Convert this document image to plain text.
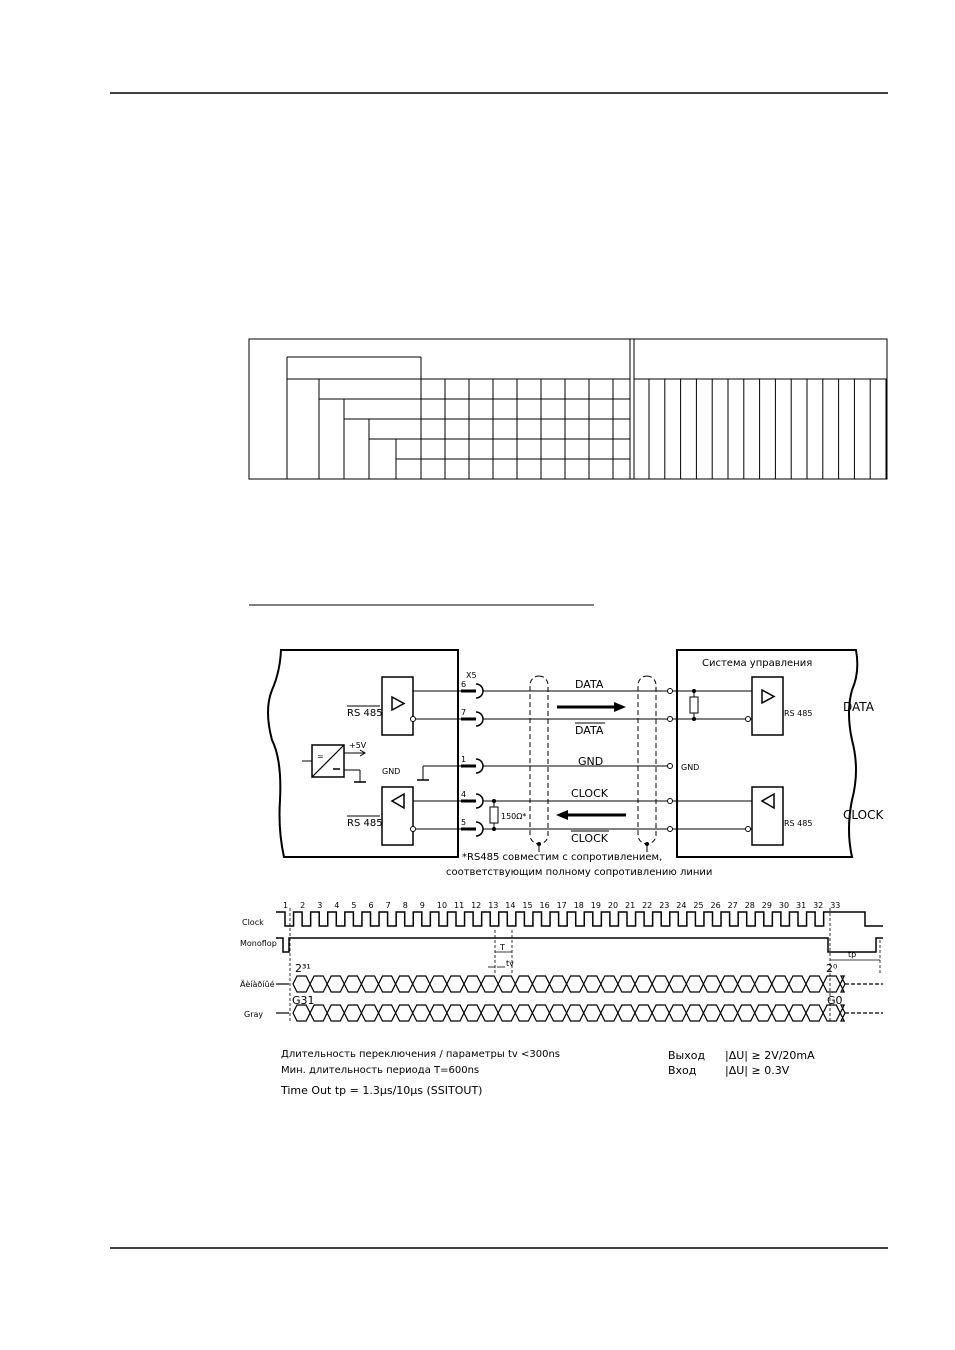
RS 485
RS 485
=
+5V
GND
X5
6
7
1
4
5
150Ω*
DATA
DATA
GND
CLOCK
CLOCK
GND
RS 485
RS 485
Система управления
DATA
CLOCK
*RS485 совместим с сопротивлением,
соответствующим полному сопротивлению линии
Clock
Monoflop
Äèíàðíûé
Gray
1 2 3 4 5 6 7 8 9 10 11 12 13 14 15 16 17 18 19 20 21 22 23 24 25 26 27 28 29 30 31 32 33
T
tv
tp
2³¹	2⁰
G31	G0
Длительность переключения / параметры tv <300ns
Мин. длительность периода T=600ns
Time Out tp = 1.3µs/10µs (SSITOUT)
Выход |ΔU| ≥ 2V/20mA
Вход	|ΔU| ≥ 0.3V
